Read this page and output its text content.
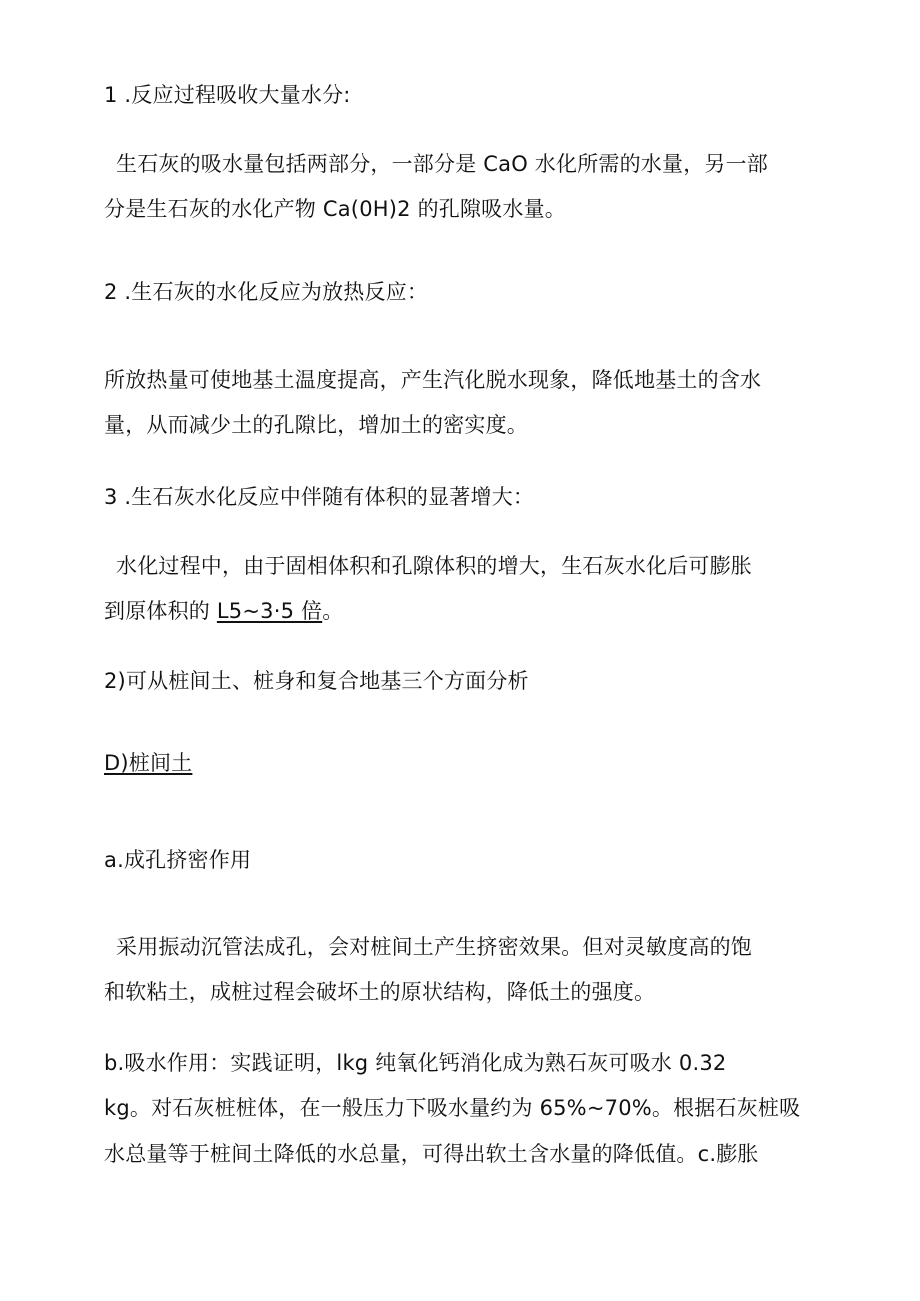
1 .反应过程吸收大量水分:

生石灰的吸水量包括两部分，一部分是 CaO 水化所需的水量，另一部

分是生石灰的水化产物 Ca(0H)2 的孔隙吸水量。

2 .生石灰的水化反应为放热反应：

所放热量可使地基土温度提高，产生汽化脱水现象，降低地基土的含水

量，从而减少土的孔隙比，增加土的密实度。

3 .生石灰水化反应中伴随有体积的显著增大：

水化过程中，由于固相体积和孔隙体积的增大，生石灰水化后可膨胀

到原体积的 L5~3·5 倍。

2)可从桩间土、桩身和复合地基三个方面分析

D)桩间土

a.成孔挤密作用

采用振动沉管法成孔，会对桩间土产生挤密效果。但对灵敏度高的饱

和软粘土，成桩过程会破坏土的原状结构，降低土的强度。

b.吸水作用：实践证明，lkg 纯氧化钙消化成为熟石灰可吸水 0.32

kg。对石灰桩桩体，在一般压力下吸水量约为 65%~70%。根据石灰桩吸

水总量等于桩间土降低的水总量，可得出软土含水量的降低值。c.膨胀
